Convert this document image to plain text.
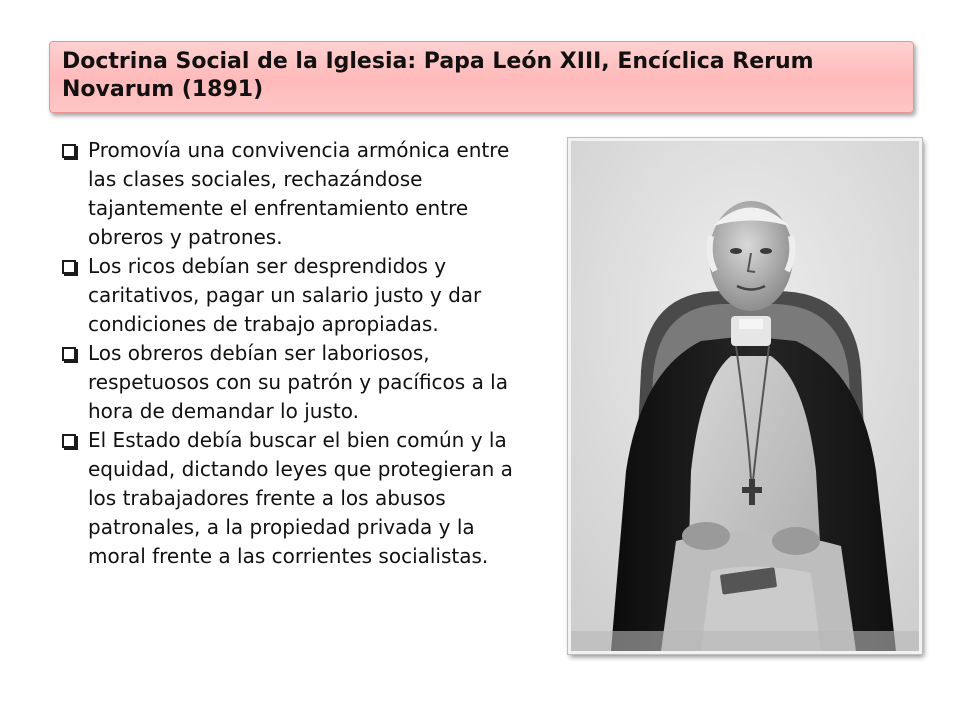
Doctrina Social de la Iglesia: Papa León XIII, Encíclica Rerum Novarum (1891)
Promovía una convivencia armónica entre las clases sociales, rechazándose tajantemente el enfrentamiento entre obreros y patrones.
Los ricos debían ser desprendidos y caritativos, pagar un salario justo y dar condiciones de trabajo apropiadas.
Los obreros debían ser laboriosos, respetuosos con su patrón y pacíficos a la hora de demandar lo justo.
El Estado debía buscar el bien común y la equidad, dictando leyes que protegieran a los trabajadores frente a los abusos patronales, a la propiedad privada y la moral frente a las corrientes socialistas.
